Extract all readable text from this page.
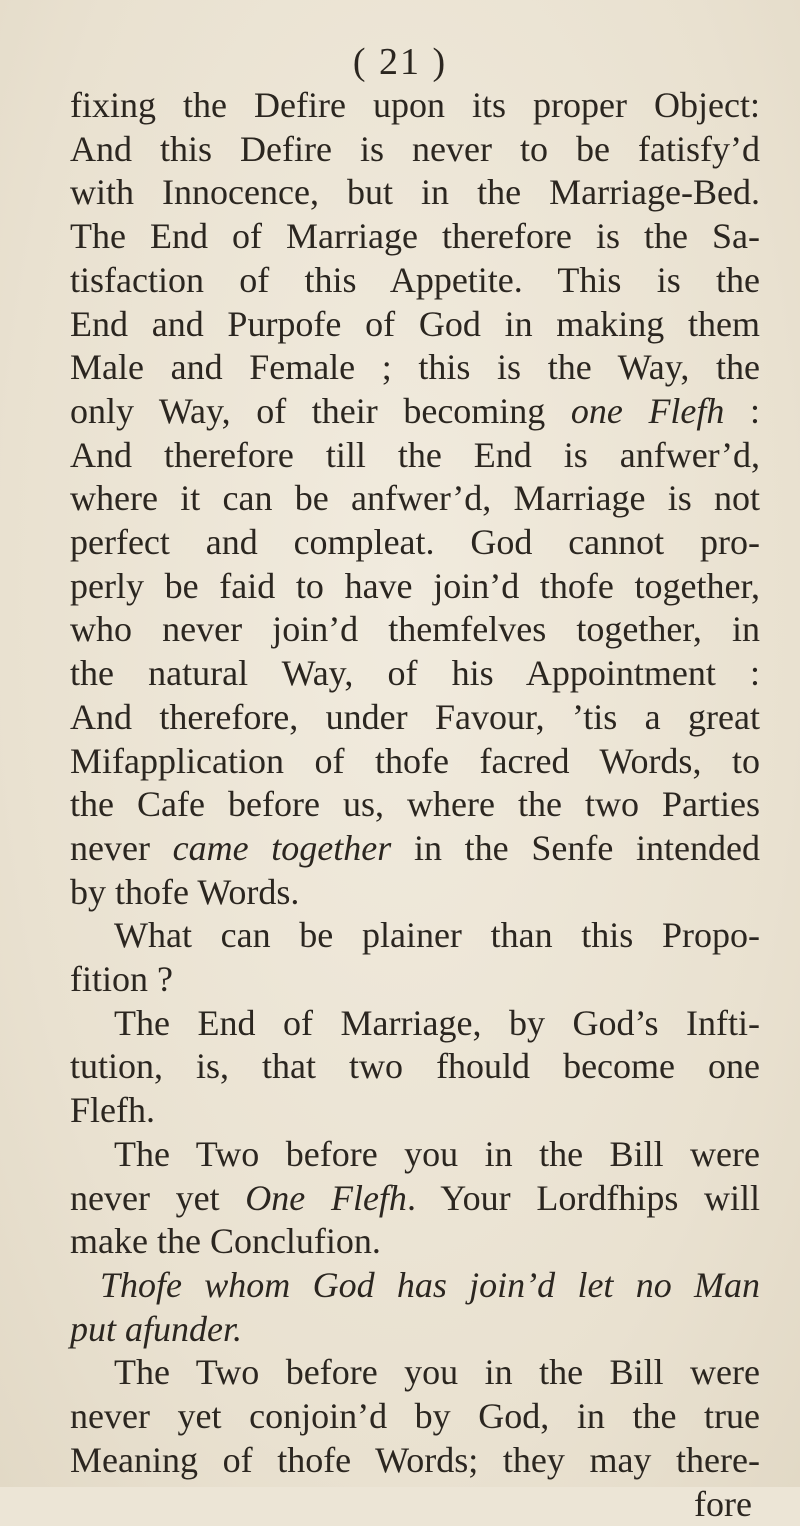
( 21 )
fixing the Defire upon its proper Object:
And this Defire is never to be fatisfy’d
with Innocence, but in the Marriage-Bed.
The End of Marriage therefore is the Sa-
tisfaction of this Appetite. This is the
End and Purpofe of God in making them
Male and Female ; this is the Way, the
only Way, of their becoming one Flefh :
And therefore till the End is anfwer’d,
where it can be anfwer’d, Marriage is not
perfect and compleat. God cannot pro-
perly be faid to have join’d thofe together,
who never join’d themfelves together, in
the natural Way, of his Appointment :
And therefore, under Favour, ’tis a great
Mifapplication of thofe facred Words, to
the Cafe before us, where the two Parties
never came together in the Senfe intended
by thofe Words.
What can be plainer than this Propo-
fition ?
The End of Marriage, by God’s Infti-
tution, is, that two fhould become one
Flefh.
The Two before you in the Bill were
never yet One Flefh. Your Lordfhips will
make the Conclufion.
Thofe whom God has join’d let no Man
put afunder.
The Two before you in the Bill were
never yet conjoin’d by God, in the true
Meaning of thofe Words; they may there-
fore
